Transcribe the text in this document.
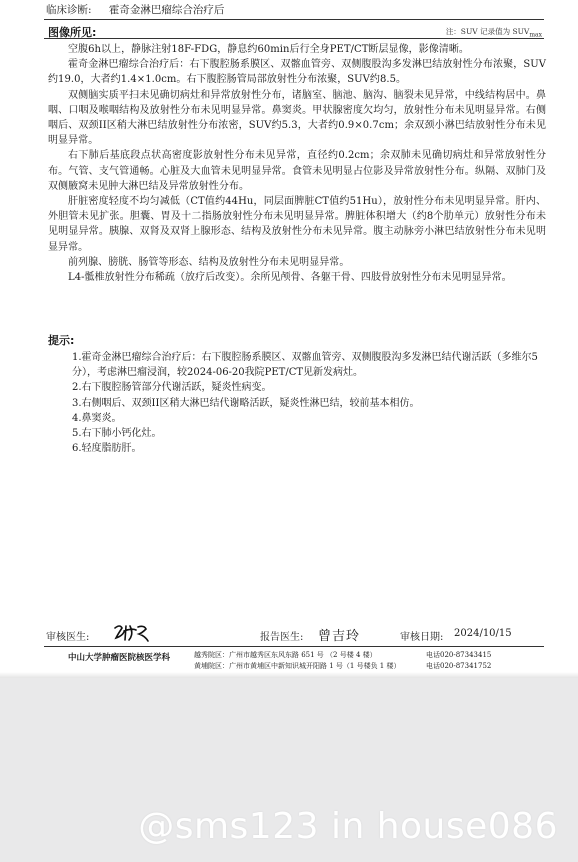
临床诊断: 霍奇金淋巴瘤综合治疗后
图像所见:	注：SUV 记录值为 $SUV_{max}$

空腹6h以上，静脉注射18F-FDG，静息约60min后行全身PET/CT断层显像，影像清晰。

霍奇金淋巴瘤综合治疗后：右下腹腔肠系膜区、双髂血管旁、双侧腹股沟多发淋巴结放射性分布浓聚，SUV约19.0，大者约1.4×1.0cm。右下腹腔肠管局部放射性分布浓聚，SUV约8.5。

双侧脑实质平扫未见确切病灶和异常放射性分布，诸脑室、脑池、脑沟、脑裂未见异常，中线结构居中。鼻咽、口咽及喉咽结构及放射性分布未见明显异常。鼻窦炎。甲状腺密度欠均匀，放射性分布未见明显异常。右侧咽后、双颈II区稍大淋巴结放射性分布浓密，SUV约5.3，大者约0.9×0.7cm；余双颈小淋巴结放射性分布未见明显异常。

右下肺后基底段点状高密度影放射性分布未见异常，直径约0.2cm；余双肺未见确切病灶和异常放射性分布。气管、支气管通畅。心脏及大血管未见明显异常。食管未见明显占位影及异常放射性分布。纵隔、双肺门及双侧腋窝未见肿大淋巴结及异常放射性分布。

肝脏密度轻度不均匀减低（CT值约44Hu，同层面脾脏CT值约51Hu），放射性分布未见明显异常。肝内、外胆管未见扩张。胆囊、胃及十二指肠放射性分布未见明显异常。脾脏体积增大（约8个肋单元）放射性分布未见明显异常。胰腺、双肾及双肾上腺形态、结构及放射性分布未见异常。腹主动脉旁小淋巴结放射性分布未见明显异常。

前列腺、膀胱、肠管等形态、结构及放射性分布未见明显异常。

L4-骶椎放射性分布稀疏（放疗后改变）。余所见颅骨、各躯干骨、四肢骨放射性分布未见明显异常。

提示:

1.霍奇金淋巴瘤综合治疗后：右下腹腔肠系膜区、双髂血管旁、双侧腹股沟多发淋巴结代谢活跃（多维尔5分），考虑淋巴瘤浸润，较2024-06-20我院PET/CT见新发病灶。

2.右下腹腔肠管部分代谢活跃，疑炎性病变。

3.右侧咽后、双颈II区稍大淋巴结代谢略活跃，疑炎性淋巴结，较前基本相仿。

4.鼻窦炎。

5.右下肺小钙化灶。

6.轻度脂肪肝。

审核医生:	报告医生: 曾吉玲	审核日期: 2024/10/15
中山大学肿瘤医院核医学科	越秀院区：广州市越秀区东风东路 651 号 （2 号楼 4 楼）
黄埔院区：广州市黄埔区中新知识城开阳路 1 号（1 号楼负 1 楼）
电话020-87343415
电话020-87341752
@sms123 in house086
